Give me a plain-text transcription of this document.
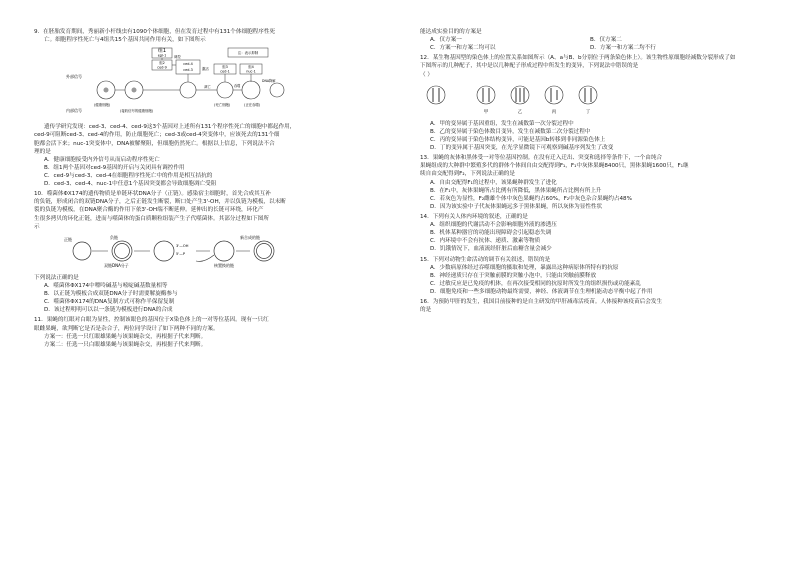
9．在胚胎发育期间，秀丽新小杆线虫有1090个体细胞，但在发育过程中有131个体细胞程序性死
亡。细胞程序性死亡与4组共15个基因共同作用有关，如下图所示
组1
egl-1
组2
ced-9
ced-4
ced-3
组3
ced-1
组4
nuc-1
注：表示抑制
调控
激活
外部信号
内部信号
凋亡	吞噬
DNA降解
(健康细胞)
(接收信号的健康细胞)
(死亡细胞)	(正在吞噬)
遗传学研究发现：ced-3、ced-4、ced-9这3个基因对上述所有131个程序性死亡的细胞中都起作用，
ced-9可阻断ced-3、ced-4的作用，防止细胞死亡；ced-3或ced-4突变体中，应该死去的131个细
胞都会活下来；nuc-1突变体中，DNA被解聚阻，但细胞仍然死亡。根据以上信息，下列说法不合
理的是
A．健康细胞接受内外信号从而启动程序性死亡
B．组1两个基因对ced-9基因的开启与关闭具有调控作用
C．ced-9与ced-3、ced-4在细胞程序性死亡中的作用是相互拮抗的
D．ced-3、ced-4、nuc-1中任意1个基因突变都会导致细胞凋亡受阻
10．噬菌体ΦX174的遗传物质是单链环状DNA分子（正链）。感染宿主细胞时，首先合成其互补
的负链，形成闭合的双链DNA分子，之后正链发生断裂，断口处产生3'-OH，并以负链为模板，以未断
裂的负链为模板，在DNA聚合酶的作用下依3'-OH端不断延伸。延伸出的长链可环绕，环化产
生很多拷贝的环化正链，进而与噬菌体的蛋白质颗粒组装产生子代噬菌体。其部分过程如下图所
示
正链	负链
双链DNA分子
3'—OH
5'—P
核置换的链
新合成的链
下列说法正确的是
A．噬菌体ΦX174中嘌呤碱基与嘧啶碱基数量相等
B．以正链为模板合成双链DNA分子时需要解旋酶参与
C．噬菌体ΦX174的DNA复制方式可称作半保留复制
D．该过程明明可以以一条链为模板进行DNA的合成
11．果蝇的红眼对白眼为显性，控制该眼色的基因位于X染色体上的一对等位基因。现有一只红
眼雌果蝇，欲判断它是否是杂合子，两位同学设计了如下两种不同的方案。
方案一：任选一只红眼雄果蝇与该果蝇杂交，再根据子代来判断。
方案二：任选一只白眼雄果蝇与该果蝇杂交，再根据子代来判断。
能达成实验目的的方案是
A．仅方案一	B．仅方案二
C．方案一和方案二均可以	D．方案一和方案二均不行
12．某生物基因型的染色体上的位置关系如图所示（A、a与B、b分别位于两条染色体上）。该生物性原细胞经减数分裂形成了如
下图所示的几种配子，其中是以几种配子形成过程中所发生的变异，下列说法中错误的是
（ ）
甲	乙	丙	丁
A．甲的变异属于基因重组，发生在减数第一次分裂过程中
B．乙的变异属于染色体数目变异，发生在减数第二次分裂过程中
C．丙的变异属于染色体结构变异，可能是基因b转移到非同源染色体上
D．丁的变异属于基因突变，在光学显微镜下可观察到碱基序列发生了改变
13．果蝇的灰体和黑体受一对等位基因控制。在没有迁入迁出、突变和选择等条件下，一个由纯合
果蝇组成的大种群中繁殖多代的群体个体间自由交配得到F₁，F₁中灰体果蝇8400只，黑体果蝇1600只，F₁继
续自由交配得到F₂，下列说法正确的是
A．自由交配得F₁的过程中，该果蝇种群发生了进化
B．在F₁中，灰体果蝇所占比例有所降低，黑体果蝇所占比例有所上升
C．若灰色为显性，F₂雌雄个体中灰色果蝇约占60%，F₂中灰色杂合果蝇约占48%
D．因为该实验中子代灰体果蝇远多于黑体果蝇，所以灰体为显性性状
14．下列有关人体内环境的叙述，正确的是
A．组织细胞的代谢活动不会影响细胞外液的渗透压
B．机体某种器官的功能出现障碍会引起稳态失调
C．内环境中不会有抗体、递质、激素等物质
D．饥饿情况下，血液流经肝脏后血糖含量会减少
15．下列对动物生命活动的调节有关叙述，错误的是
A．少数病原体经过吞噬细胞的摄取和处理，暴露出这种病原体所特有的抗原
B．神经递质只存在于突触前膜的突触小泡中，只能由突触前膜释放
C．过敏反应是已免疫的机体，在再次接受相同的抗原时所发生的组织损伤或功能紊乱
D．细胞免疫和一些多细胞动物最终需要，神经、体液调节在生理机能动态平衡中起了作用
16．为预防甲肝的发生，我国目前接种的是自主研发的甲肝减毒活疫苗。人体接种该疫苗后会发生
的是
